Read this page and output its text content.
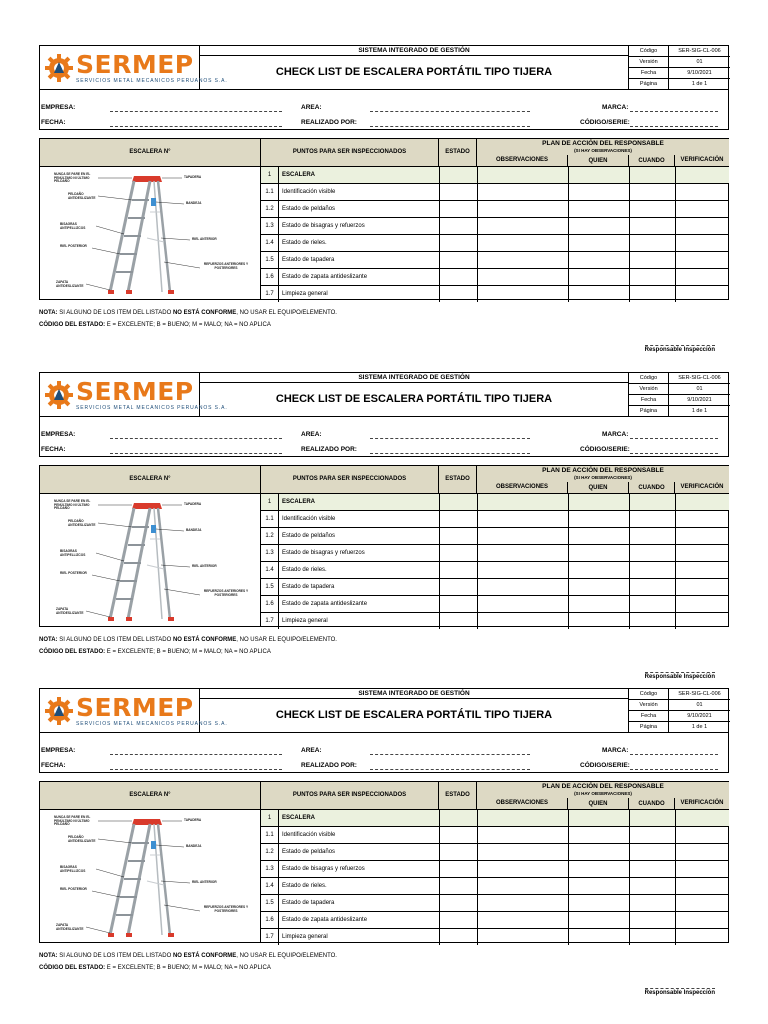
SERMEP
SERVICIOS METAL MECANICOS PERUANOS S.A.
SISTEMA INTEGRADO DE GESTIÓN
CHECK LIST DE ESCALERA PORTÁTIL TIPO TIJERA
Código	SER-SIG-CL-006
Versión	01
Fecha	9/10/2021
Página	1 de 1
EMPRESA:	AREA:	MARCA:
FECHA:	REALIZADO POR:	CÓDIGO/SERIE:
ESCALERA N°	PUNTOS PARA SER INSPECCIONADOS	ESTADO
PLAN DE ACCIÓN DEL RESPONSABLE
(SI HAY OBSERVACIONES)
OBSERVACIONES	QUIEN	CUANDO	VERIFICACIÓN
NUNCA SE PARE EN EL PENÚLTIMO NI ÚLTIMO PELDAÑO
PELDAÑO ANTIDESLIZANTE
BISAGRAS ANTIPELLIZCOS
RIEL POSTERIOR
ZAPATA ANTIDESLIZANTE
TAPADERA
BANDEJA
RIEL ANTERIOR
REFUERZOS ANTERIORES Y POSTERIORES
1	ESCALERA
1.1	Identificación visible
1.2	Estado de peldaños
1.3	Estado de bisagras y refuerzos
1.4	Estado de rieles.
1.5	Estado de tapadera
1.6	Estado de zapata antideslizante
1.7	Limpieza general
NOTA: SI ALGUNO DE LOS ITEM DEL LISTADO NO ESTÁ CONFORME, NO USAR EL EQUIPO/ELEMENTO.
CÓDIGO DEL ESTADO: E = EXCELENTE; B = BUENO; M = MALO; NA = NO APLICA
Responsable Inspección
SERMEP
SERVICIOS METAL MECANICOS PERUANOS S.A.
SISTEMA INTEGRADO DE GESTIÓN
CHECK LIST DE ESCALERA PORTÁTIL TIPO TIJERA
Código	SER-SIG-CL-006
Versión	01
Fecha	9/10/2021
Página	1 de 1
EMPRESA:	AREA:	MARCA:
FECHA:	REALIZADO POR:	CÓDIGO/SERIE:
ESCALERA N°	PUNTOS PARA SER INSPECCIONADOS	ESTADO
PLAN DE ACCIÓN DEL RESPONSABLE
(SI HAY OBSERVACIONES)
OBSERVACIONES	QUIEN	CUANDO	VERIFICACIÓN
NUNCA SE PARE EN EL PENÚLTIMO NI ÚLTIMO PELDAÑO
PELDAÑO ANTIDESLIZANTE
BISAGRAS ANTIPELLIZCOS
RIEL POSTERIOR
ZAPATA ANTIDESLIZANTE
TAPADERA
BANDEJA
RIEL ANTERIOR
REFUERZOS ANTERIORES Y POSTERIORES
1	ESCALERA
1.1	Identificación visible
1.2	Estado de peldaños
1.3	Estado de bisagras y refuerzos
1.4	Estado de rieles.
1.5	Estado de tapadera
1.6	Estado de zapata antideslizante
1.7	Limpieza general
NOTA: SI ALGUNO DE LOS ITEM DEL LISTADO NO ESTÁ CONFORME, NO USAR EL EQUIPO/ELEMENTO.
CÓDIGO DEL ESTADO: E = EXCELENTE; B = BUENO; M = MALO; NA = NO APLICA
Responsable Inspección
SERMEP
SERVICIOS METAL MECANICOS PERUANOS S.A.
SISTEMA INTEGRADO DE GESTIÓN
CHECK LIST DE ESCALERA PORTÁTIL TIPO TIJERA
Código	SER-SIG-CL-006
Versión	01
Fecha	9/10/2021
Página	1 de 1
EMPRESA:	AREA:	MARCA:
FECHA:	REALIZADO POR:	CÓDIGO/SERIE:
ESCALERA N°	PUNTOS PARA SER INSPECCIONADOS	ESTADO
PLAN DE ACCIÓN DEL RESPONSABLE
(SI HAY OBSERVACIONES)
OBSERVACIONES	QUIEN	CUANDO	VERIFICACIÓN
NUNCA SE PARE EN EL PENÚLTIMO NI ÚLTIMO PELDAÑO
PELDAÑO ANTIDESLIZANTE
BISAGRAS ANTIPELLIZCOS
RIEL POSTERIOR
ZAPATA ANTIDESLIZANTE
TAPADERA
BANDEJA
RIEL ANTERIOR
REFUERZOS ANTERIORES Y POSTERIORES
1	ESCALERA
1.1	Identificación visible
1.2	Estado de peldaños
1.3	Estado de bisagras y refuerzos
1.4	Estado de rieles.
1.5	Estado de tapadera
1.6	Estado de zapata antideslizante
1.7	Limpieza general
NOTA: SI ALGUNO DE LOS ITEM DEL LISTADO NO ESTÁ CONFORME, NO USAR EL EQUIPO/ELEMENTO.
CÓDIGO DEL ESTADO: E = EXCELENTE; B = BUENO; M = MALO; NA = NO APLICA
Responsable Inspección
